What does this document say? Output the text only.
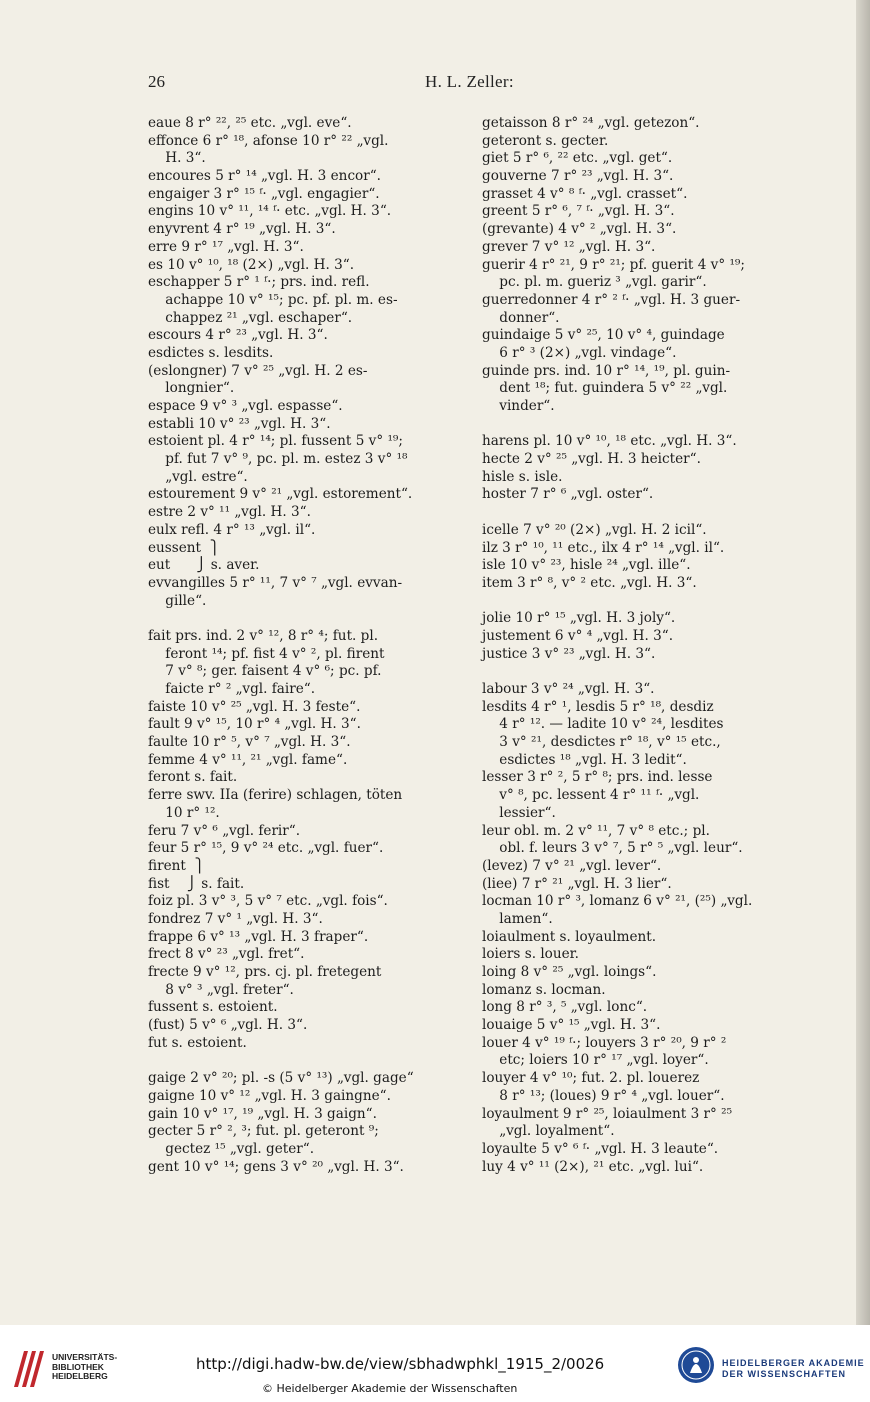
26	H. L. Zeller:
eaue 8 r° ²², ²⁵ etc. „vgl. eve“.
effonce 6 r° ¹⁸, afonse 10 r° ²² „vgl.
H. 3“.
encoures 5 r° ¹⁴ „vgl. H. 3 encor“.
engaiger 3 r° ¹⁵ ᶠ· „vgl. engagier“.
engins 10 v° ¹¹, ¹⁴ ᶠ· etc. „vgl. H. 3“.
enyvrent 4 r° ¹⁹ „vgl. H. 3“.
erre 9 r° ¹⁷ „vgl. H. 3“.
es 10 v° ¹⁰, ¹⁸ (2×) „vgl. H. 3“.
eschapper 5 r° ¹ ᶠ·; prs. ind. refl.
achappe 10 v° ¹⁵; pc. pf. pl. m. es-
chappez ²¹ „vgl. eschaper“.
escours 4 r° ²³ „vgl. H. 3“.
esdictes s. lesdits.
(eslongner) 7 v° ²⁵ „vgl. H. 2 es-
longnier“.
espace 9 v° ³ „vgl. espasse“.
establi 10 v° ²³ „vgl. H. 3“.
estoient pl. 4 r° ¹⁴; pl. fussent 5 v° ¹⁹;
pf. fut 7 v° ⁹, pc. pl. m. estez 3 v° ¹⁸
„vgl. estre“.
estourement 9 v° ²¹ „vgl. estorement“.
estre 2 v° ¹¹ „vgl. H. 3“.
eulx refl. 4 r° ¹³ „vgl. il“.
eussent  ⎫
eut      ⎭ s. aver.
evvangilles 5 r° ¹¹, 7 v° ⁷ „vgl. evvan-
gille“.
fait prs. ind. 2 v° ¹², 8 r° ⁴; fut. pl.
feront ¹⁴; pf. fist 4 v° ², pl. firent
7 v° ⁸; ger. faisent 4 v° ⁶; pc. pf.
faicte r° ² „vgl. faire“.
faiste 10 v° ²⁵ „vgl. H. 3 feste“.
fault 9 v° ¹⁵, 10 r° ⁴ „vgl. H. 3“.
faulte 10 r° ⁵, v° ⁷ „vgl. H. 3“.
femme 4 v° ¹¹, ²¹ „vgl. fame“.
feront s. fait.
ferre swv. IIa (ferire) schlagen, töten
10 r° ¹².
feru 7 v° ⁶ „vgl. ferir“.
feur 5 r° ¹⁵, 9 v° ²⁴ etc. „vgl. fuer“.
firent  ⎫
fist    ⎭ s. fait.
foiz pl. 3 v° ³, 5 v° ⁷ etc. „vgl. fois“.
fondrez 7 v° ¹ „vgl. H. 3“.
frappe 6 v° ¹³ „vgl. H. 3 fraper“.
frect 8 v° ²³ „vgl. fret“.
frecte 9 v° ¹², prs. cj. pl. fretegent
8 v° ³ „vgl. freter“.
fussent s. estoient.
(fust) 5 v° ⁶ „vgl. H. 3“.
fut s. estoient.
gaige 2 v° ²⁰; pl. -s (5 v° ¹³) „vgl. gage“
gaigne 10 v° ¹² „vgl. H. 3 gaingne“.
gain 10 v° ¹⁷, ¹⁹ „vgl. H. 3 gaign“.
gecter 5 r° ², ³; fut. pl. geteront ⁹;
gectez ¹⁵ „vgl. geter“.
gent 10 v° ¹⁴; gens 3 v° ²⁰ „vgl. H. 3“.
getaisson 8 r° ²⁴ „vgl. getezon“.
geteront s. gecter.
giet 5 r° ⁶, ²² etc. „vgl. get“.
gouverne 7 r° ²³ „vgl. H. 3“.
grasset 4 v° ⁸ ᶠ· „vgl. crasset“.
greent 5 r° ⁶, ⁷ ᶠ· „vgl. H. 3“.
(grevante) 4 v° ² „vgl. H. 3“.
grever 7 v° ¹² „vgl. H. 3“.
guerir 4 r° ²¹, 9 r° ²¹; pf. guerit 4 v° ¹⁹;
pc. pl. m. gueriz ³ „vgl. garir“.
guerredonner 4 r° ² ᶠ· „vgl. H. 3 guer-
donner“.
guindaige 5 v° ²⁵, 10 v° ⁴, guindage
6 r° ³ (2×) „vgl. vindage“.
guinde prs. ind. 10 r° ¹⁴, ¹⁹, pl. guin-
dent ¹⁸; fut. guindera 5 v° ²² „vgl.
vinder“.
harens pl. 10 v° ¹⁰, ¹⁸ etc. „vgl. H. 3“.
hecte 2 v° ²⁵ „vgl. H. 3 heicter“.
hisle s. isle.
hoster 7 r° ⁶ „vgl. oster“.
icelle 7 v° ²⁰ (2×) „vgl. H. 2 icil“.
ilz 3 r° ¹⁰, ¹¹ etc., ilx 4 r° ¹⁴ „vgl. il“.
isle 10 v° ²³, hisle ²⁴ „vgl. ille“.
item 3 r° ⁸, v° ² etc. „vgl. H. 3“.
jolie 10 r° ¹⁵ „vgl. H. 3 joly“.
justement 6 v° ⁴ „vgl. H. 3“.
justice 3 v° ²³ „vgl. H. 3“.
labour 3 v° ²⁴ „vgl. H. 3“.
lesdits 4 r° ¹, lesdis 5 r° ¹⁸, desdiz
4 r° ¹². — ladite 10 v° ²⁴, lesdites
3 v° ²¹, desdictes r° ¹⁸, v° ¹⁵ etc.,
esdictes ¹⁸ „vgl. H. 3 ledit“.
lesser 3 r° ², 5 r° ⁸; prs. ind. lesse
v° ⁸, pc. lessent 4 r° ¹¹ ᶠ· „vgl.
lessier“.
leur obl. m. 2 v° ¹¹, 7 v° ⁸ etc.; pl.
obl. f. leurs 3 v° ⁷, 5 r° ⁵ „vgl. leur“.
(levez) 7 v° ²¹ „vgl. lever“.
(liee) 7 r° ²¹ „vgl. H. 3 lier“.
locman 10 r° ³, lomanz 6 v° ²¹, (²⁵) „vgl.
lamen“.
loiaulment s. loyaulment.
loiers s. louer.
loing 8 v° ²⁵ „vgl. loings“.
lomanz s. locman.
long 8 r° ³, ⁵ „vgl. lonc“.
louaige 5 v° ¹⁵ „vgl. H. 3“.
louer 4 v° ¹⁹ ᶠ·; louyers 3 r° ²⁰, 9 r° ²
etc; loiers 10 r° ¹⁷ „vgl. loyer“.
louyer 4 v° ¹⁰; fut. 2. pl. louerez
8 r° ¹³; (loues) 9 r° ⁴ „vgl. louer“.
loyaulment 9 r° ²⁵, loiaulment 3 r° ²⁵
„vgl. loyalment“.
loyaulte 5 v° ⁶ ᶠ· „vgl. H. 3 leaute“.
luy 4 v° ¹¹ (2×), ²¹ etc. „vgl. lui“.
UNIVERSITÄTS-
BIBLIOTHEK
HEIDELBERG
http://digi.hadw-bw.de/view/sbhadwphkl_1915_2/0026
© Heidelberger Akademie der Wissenschaften
HEIDELBERGER AKADEMIE
DER WISSENSCHAFTEN
